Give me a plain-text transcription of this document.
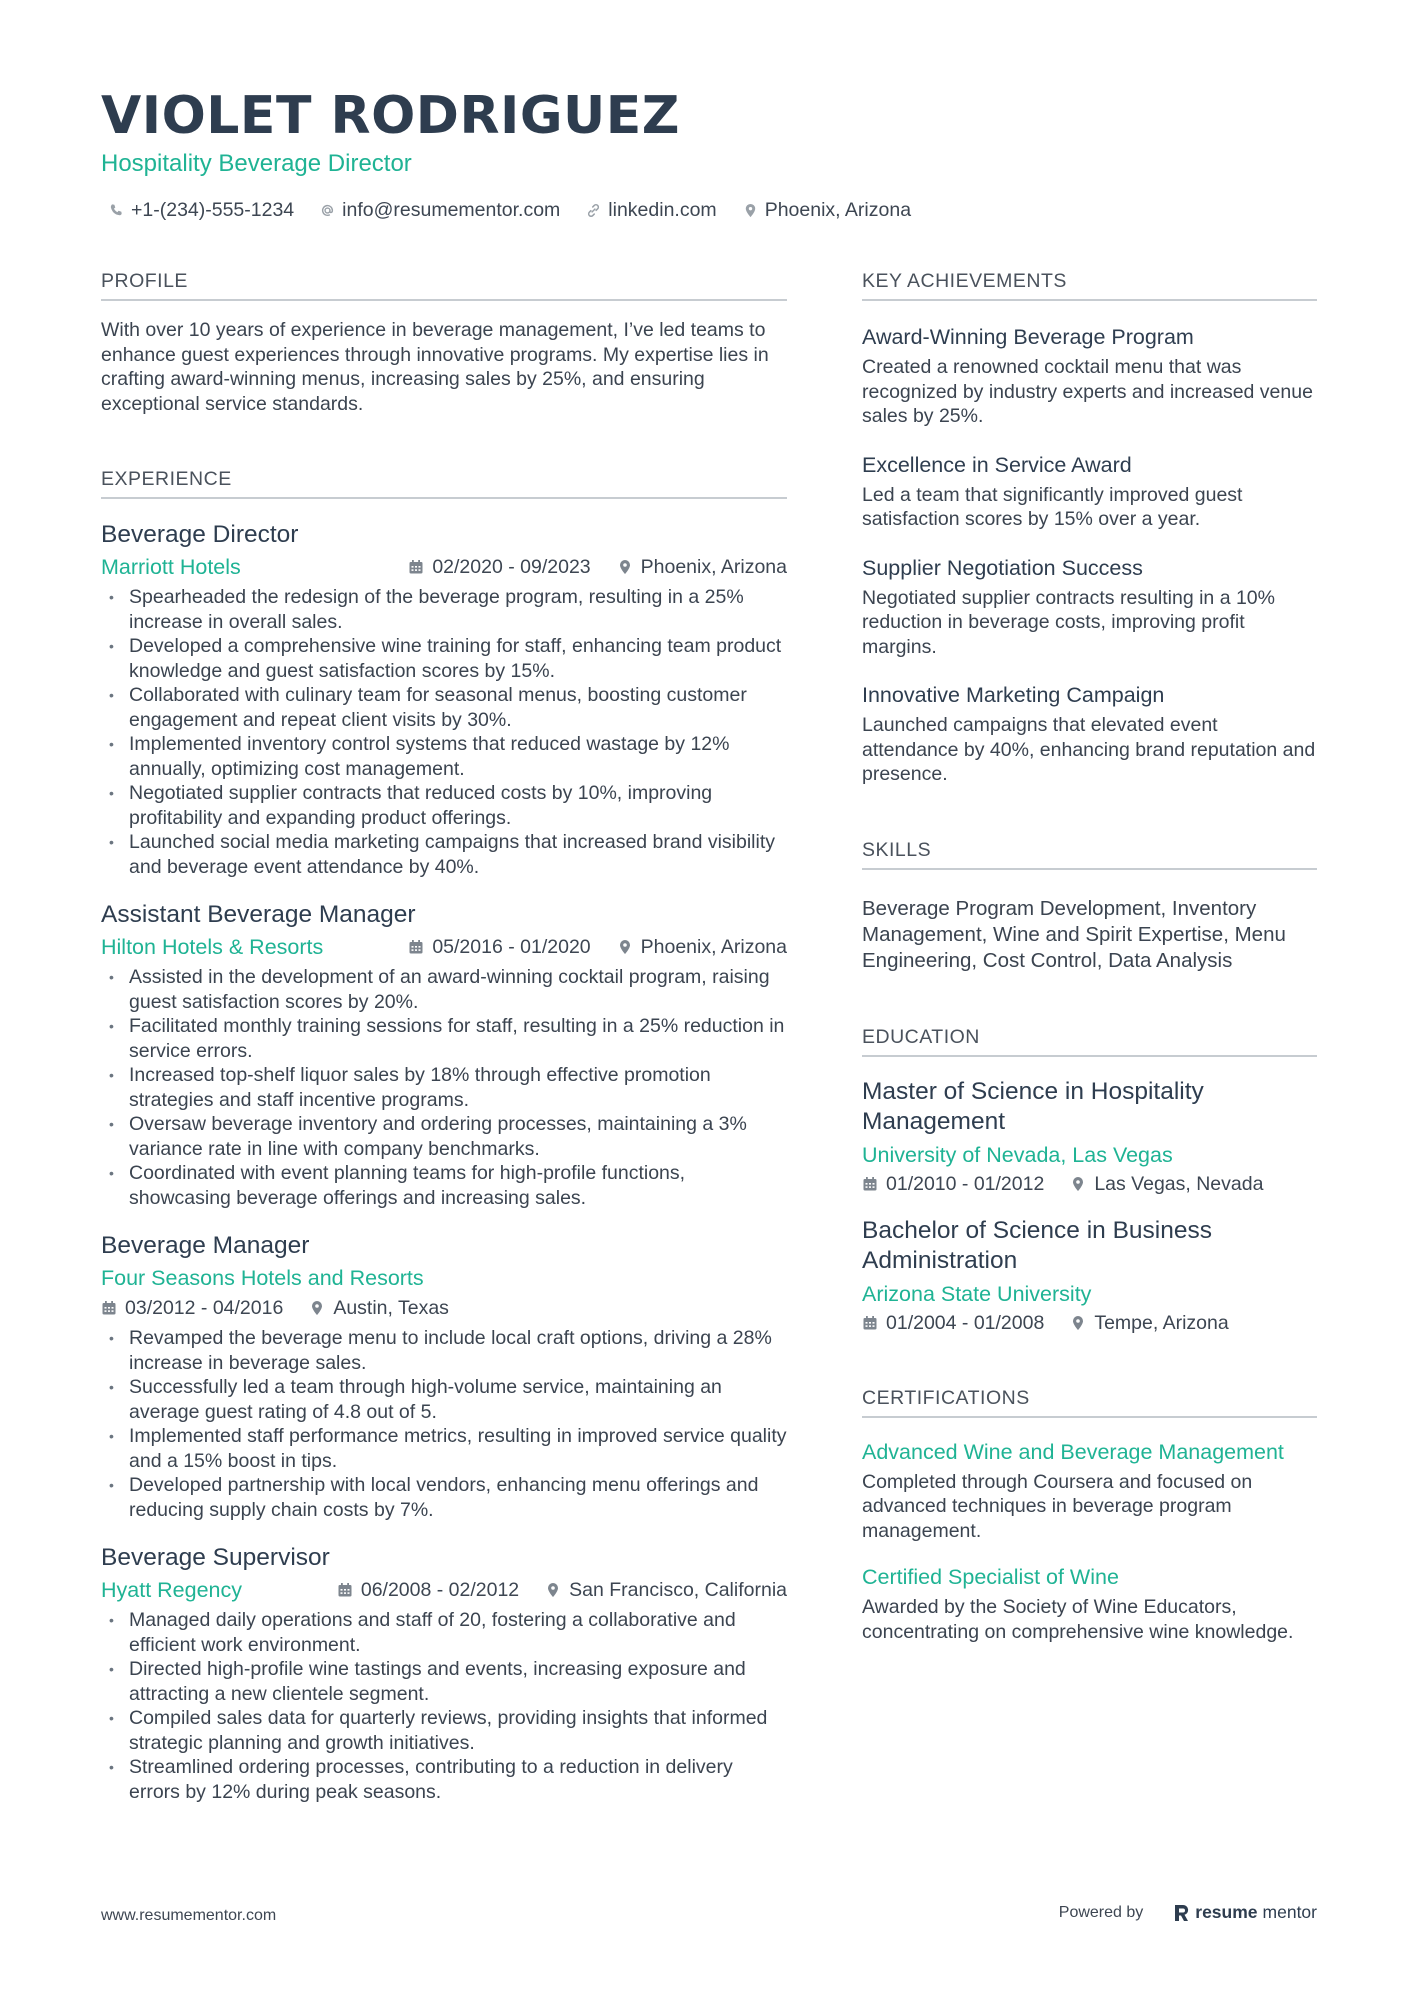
VIOLET RODRIGUEZ
Hospitality Beverage Director
+1-(234)-555-1234 info@resumementor.com linkedin.com Phoenix, Arizona
PROFILE

With over 10 years of experience in beverage management, I’ve led teams to enhance guest experiences through innovative programs. My expertise lies in crafting award-winning menus, increasing sales by 25%, and ensuring exceptional service standards.

EXPERIENCE
Beverage Director
Marriott Hotels	02/2020 - 09/2023	Phoenix, Arizona
• Spearheaded the redesign of the beverage program, resulting in a 25% increase in overall sales.
• Developed a comprehensive wine training for staff, enhancing team product knowledge and guest satisfaction scores by 15%.
• Collaborated with culinary team for seasonal menus, boosting customer engagement and repeat client visits by 30%.
• Implemented inventory control systems that reduced wastage by 12% annually, optimizing cost management.
• Negotiated supplier contracts that reduced costs by 10%, improving profitability and expanding product offerings.
• Launched social media marketing campaigns that increased brand visibility and beverage event attendance by 40%.
Assistant Beverage Manager
Hilton Hotels & Resorts	05/2016 - 01/2020	Phoenix, Arizona
• Assisted in the development of an award-winning cocktail program, raising guest satisfaction scores by 20%.
• Facilitated monthly training sessions for staff, resulting in a 25% reduction in service errors.
• Increased top-shelf liquor sales by 18% through effective promotion strategies and staff incentive programs.
• Oversaw beverage inventory and ordering processes, maintaining a 3% variance rate in line with company benchmarks.
• Coordinated with event planning teams for high-profile functions, showcasing beverage offerings and increasing sales.
Beverage Manager
Four Seasons Hotels and Resorts
03/2012 - 04/2016	Austin, Texas
• Revamped the beverage menu to include local craft options, driving a 28% increase in beverage sales.
• Successfully led a team through high-volume service, maintaining an average guest rating of 4.8 out of 5.
• Implemented staff performance metrics, resulting in improved service quality and a 15% boost in tips.
• Developed partnership with local vendors, enhancing menu offerings and reducing supply chain costs by 7%.
Beverage Supervisor
Hyatt Regency	06/2008 - 02/2012	San Francisco, California
• Managed daily operations and staff of 20, fostering a collaborative and efficient work environment.
• Directed high-profile wine tastings and events, increasing exposure and attracting a new clientele segment.
• Compiled sales data for quarterly reviews, providing insights that informed strategic planning and growth initiatives.
• Streamlined ordering processes, contributing to a reduction in delivery errors by 12% during peak seasons.
KEY ACHIEVEMENTS
Award-Winning Beverage Program
Created a renowned cocktail menu that was recognized by industry experts and increased venue sales by 25%.
Excellence in Service Award
Led a team that significantly improved guest satisfaction scores by 15% over a year.
Supplier Negotiation Success
Negotiated supplier contracts resulting in a 10% reduction in beverage costs, improving profit margins.
Innovative Marketing Campaign
Launched campaigns that elevated event attendance by 40%, enhancing brand reputation and presence.
SKILLS
Beverage Program Development, Inventory Management, Wine and Spirit Expertise, Menu Engineering, Cost Control, Data Analysis
EDUCATION
Master of Science in Hospitality Management
University of Nevada, Las Vegas
01/2010 - 01/2012	Las Vegas, Nevada
Bachelor of Science in Business Administration
Arizona State University
01/2004 - 01/2008	Tempe, Arizona
CERTIFICATIONS
Advanced Wine and Beverage Management
Completed through Coursera and focused on advanced techniques in beverage program management.
Certified Specialist of Wine
Awarded by the Society of Wine Educators, concentrating on comprehensive wine knowledge.
www.resumementor.com	Powered by	resume mentor
